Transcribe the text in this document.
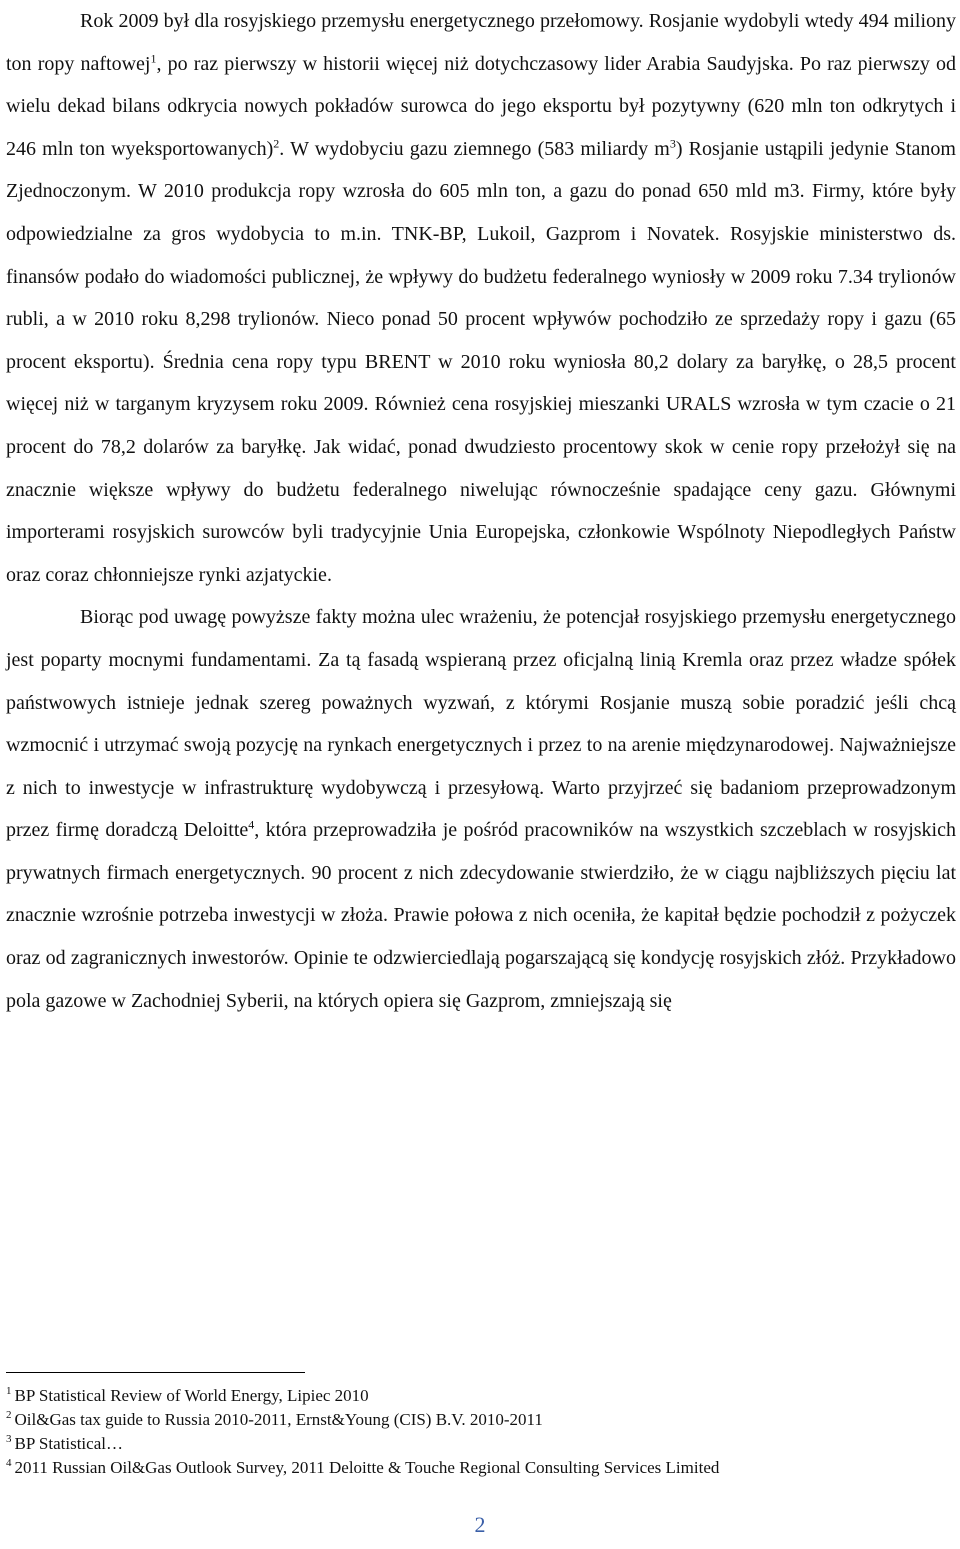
Rok 2009 był dla rosyjskiego przemysłu energetycznego przełomowy. Rosjanie wydobyli wtedy 494 miliony ton ropy naftowej$^1$, po raz pierwszy w historii więcej niż dotychczasowy lider Arabia Saudyjska. Po raz pierwszy od wielu dekad bilans odkrycia nowych pokładów surowca do jego eksportu był pozytywny (620 mln ton odkrytych i 246 mln ton wyeksportowanych)$^2$. W wydobyciu gazu ziemnego (583 miliardy $m^3$) Rosjanie ustąpili jedynie Stanom Zjednoczonym. W 2010 produkcja ropy wzrosła do 605 mln ton, a gazu do ponad 650 mld m3. Firmy, które były odpowiedzialne za gros wydobycia to m.in. TNK-BP, Lukoil, Gazprom i Novatek. Rosyjskie ministerstwo ds. finansów podało do wiadomości publicznej, że wpływy do budżetu federalnego wyniosły w 2009 roku 7.34 trylionów rubli, a w 2010 roku 8,298 trylionów. Nieco ponad 50 procent wpływów pochodziło ze sprzedaży ropy i gazu (65 procent eksportu). Średnia cena ropy typu BRENT w 2010 roku wyniosła 80,2 dolary za baryłkę, o 28,5 procent więcej niż w targanym kryzysem roku 2009. Również cena rosyjskiej mieszanki URALS wzrosła w tym czacie o 21 procent do 78,2 dolarów za baryłkę. Jak widać, ponad dwudziesto procentowy skok w cenie ropy przełożył się na znacznie większe wpływy do budżetu federalnego niwelując równocześnie spadające ceny gazu. Głównymi importerami rosyjskich surowców byli tradycyjnie Unia Europejska, członkowie Wspólnoty Niepodległych Państw oraz coraz chłonniejsze rynki azjatyckie.

Biorąc pod uwagę powyższe fakty można ulec wrażeniu, że potencjał rosyjskiego przemysłu energetycznego jest poparty mocnymi fundamentami. Za tą fasadą wspieraną przez oficjalną linią Kremla oraz przez władze spółek państwowych istnieje jednak szereg poważnych wyzwań, z którymi Rosjanie muszą sobie poradzić jeśli chcą wzmocnić i utrzymać swoją pozycję na rynkach energetycznych i przez to na arenie międzynarodowej. Najważniejsze z nich to inwestycje w infrastrukturę wydobywczą i przesyłową. Warto przyjrzeć się badaniom przeprowadzonym przez firmę doradczą Deloitte$^4$, która przeprowadziła je pośród pracowników na wszystkich szczeblach w rosyjskich prywatnych firmach energetycznych. 90 procent z nich zdecydowanie stwierdziło, że w ciągu najbliższych pięciu lat znacznie wzrośnie potrzeba inwestycji w złoża. Prawie połowa z nich oceniła, że kapitał będzie pochodził z pożyczek oraz od zagranicznych inwestorów. Opinie te odzwierciedlają pogarszającą się kondycję rosyjskich złóż. Przykładowo pola gazowe w Zachodniej Syberii, na których opiera się Gazprom, zmniejszają się

$^1$ BP Statistical Review of World Energy, Lipiec 2010
$^2$ Oil&Gas tax guide to Russia 2010-2011, Ernst&Young (CIS) B.V. 2010-2011
$^3$ BP Statistical…
$^4$ 2011 Russian Oil&Gas Outlook Survey, 2011 Deloitte & Touche Regional Consulting Services Limited
2
